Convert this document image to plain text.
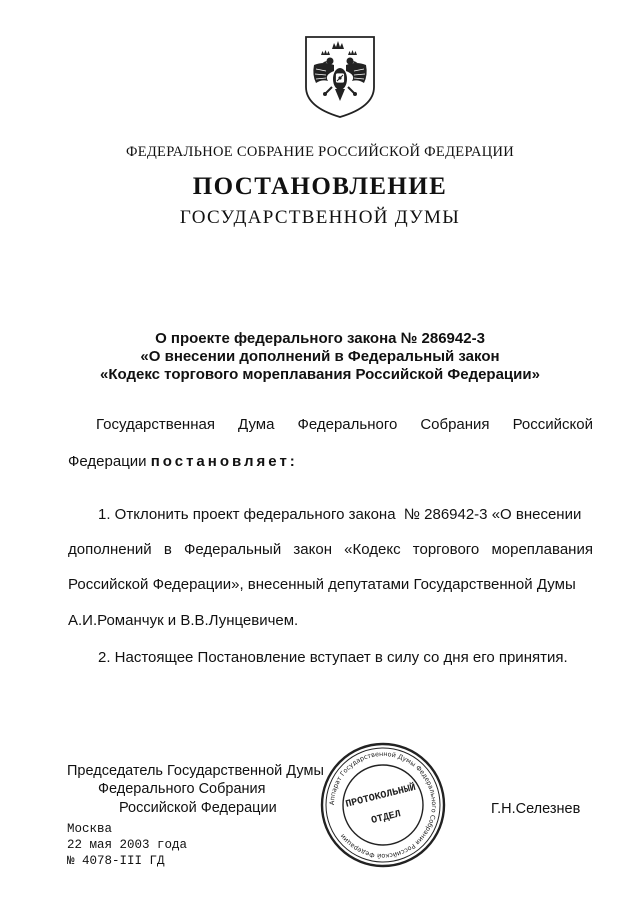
ФЕДЕРАЛЬНОЕ СОБРАНИЕ РОССИЙСКОЙ ФЕДЕРАЦИИ
ПОСТАНОВЛЕНИЕ
ГОСУДАРСТВЕННОЙ ДУМЫ
О проекте федерального закона № 286942-3
«О внесении дополнений в Федеральный закон
«Кодекс торгового мореплавания Российской Федерации»
Государственная Дума Федерального Собрания Российской
Федерации постановляет:
1. Отклонить проект федерального закона  № 286942-3 «О внесении
дополнений в Федеральный закон «Кодекс торгового мореплавания
Российской Федерации», внесенный депутатами Государственной Думы
А.И.Романчук и В.В.Лунцевичем.
2. Настоящее Постановление вступает в силу со дня его принятия.
Председатель Государственной Думы
Федерального Собрания
Российской Федерации	Г.Н.Селезнев
Аппарат Государственной Думы Федерального Собрания Российской Федерации
ПРОТОКОЛЬНЫЙ
ОТДЕЛ
Москва
22 мая 2003 года
№ 4078-III ГД
